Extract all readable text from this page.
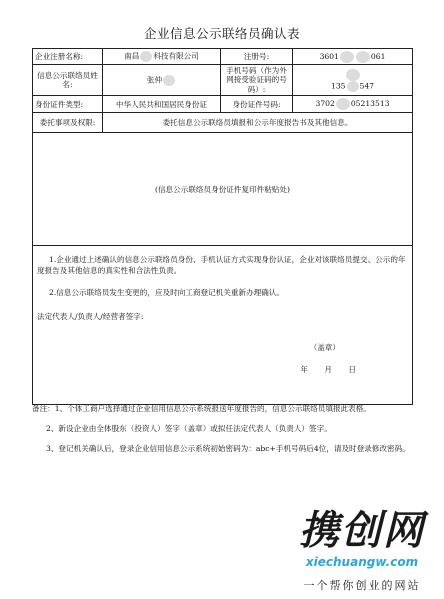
企业信息公示联络员确认表
企业注册名称:	南昌 科技有限公司	注册号:	3601 061
信息公示联络员姓名:	张仲	手机号码（作为外网接受验证码的号码）:	135 547
身份证件类型:	中华人民共和国居民身份证	身份证件号码:	3702 05213513
委托事项及权限:	委托信息公示联络员填报和公示年度报告书及其他信息。		
(信息公示联络员身份证件复印件粘贴处)			

1.企业通过上述确认的信息公示联络员身份、手机认证方式实现身份认证，企业对该联络员提交、公示的年度报告及其他信息的真实性和合法性负责。

2.信息公示联络员发生变更的，应及时向工商登记机关重新办理确认。

法定代表人/负责人/经营者签字:

（盖章）

年 月 日			

备注：1、个体工商户选择通过企业信用信息公示系统报送年度报告的，信息公示联络员填报此表格。

2、新设企业由全体股东（投资人）签字（盖章）或拟任法定代表人（负责人）签字。

3、登记机关确认后，登录企业信用信息公示系统初始密码为：abc+手机号码后4位，请及时登录修改密码。

携创网
xiechuangw.com
一个帮你创业的网站
